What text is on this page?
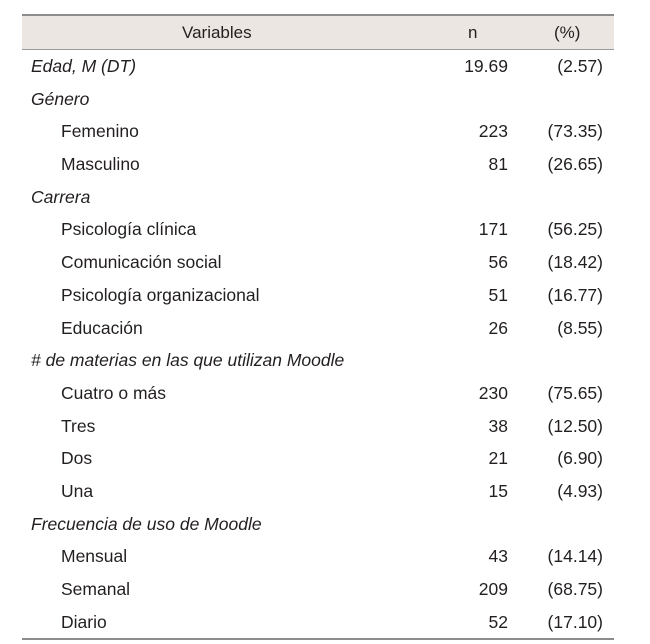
Variables	n	(%)
Edad, M (DT)	19.69	(2.57)
Género
Femenino	223 (73.35)
Masculino	81 (26.65)
Carrera
Psicología clínica	171 (56.25)
Comunicación social	56 (18.42)
Psicología organizacional	51 (16.77)
Educación	26	(8.55)
# de materias en las que utilizan Moodle
Cuatro o más	230 (75.65)
Tres	38 (12.50)
Dos	21	(6.90)
Una	15	(4.93)
Frecuencia de uso de Moodle
Mensual	43 (14.14)
Semanal	209 (68.75)
Diario	52 (17.10)
